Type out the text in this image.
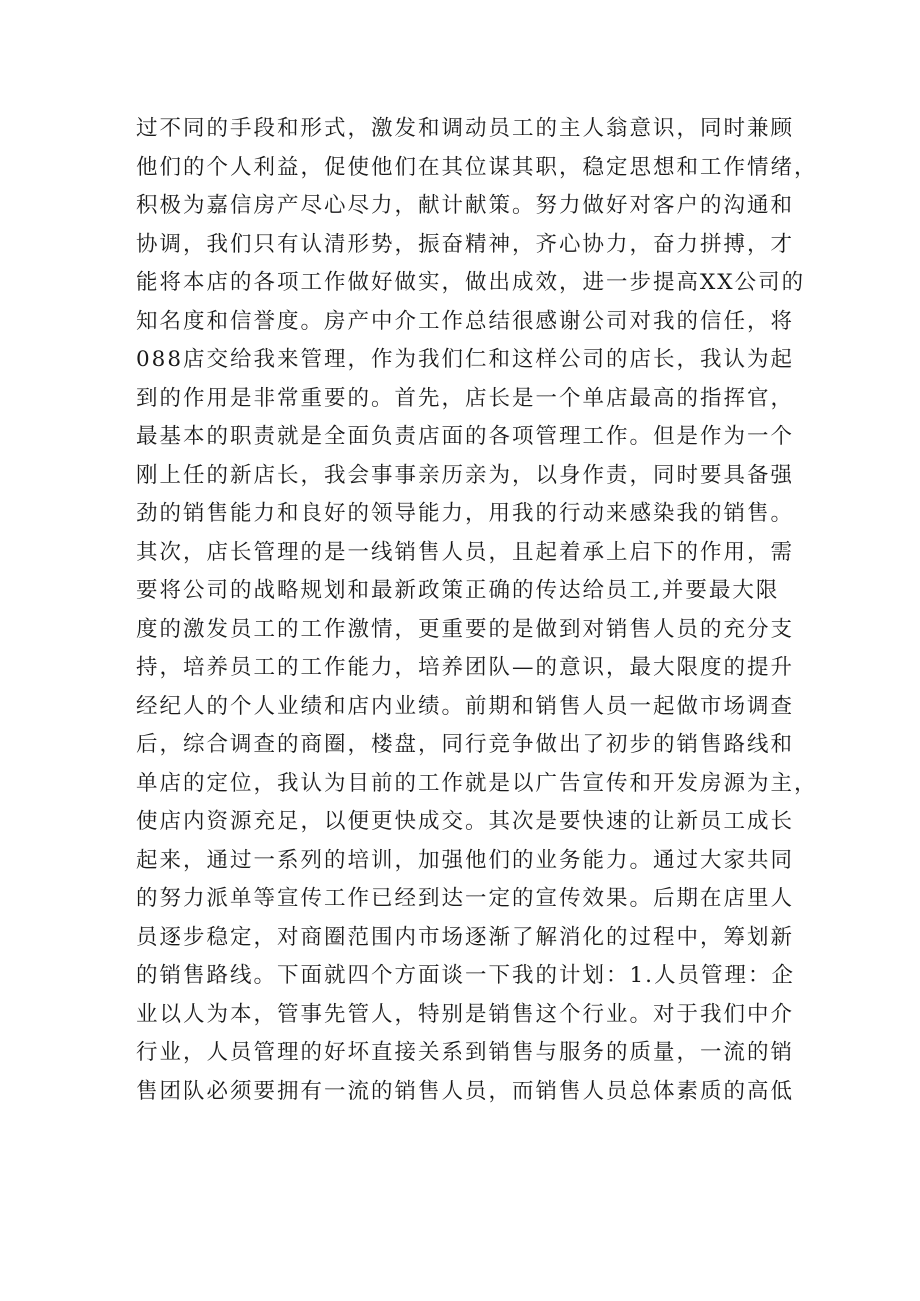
过不同的手段和形式，激发和调动员工的主人翁意识，同时兼顾
他们的个人利益，促使他们在其位谋其职，稳定思想和工作情绪，
积极为嘉信房产尽心尽力，献计献策。努力做好对客户的沟通和
协调，我们只有认清形势，振奋精神，齐心协力，奋力拼搏，才
能将本店的各项工作做好做实，做出成效，进一步提高XX公司的
知名度和信誉度。房产中介工作总结很感谢公司对我的信任，将
088店交给我来管理，作为我们仁和这样公司的店长，我认为起
到的作用是非常重要的。首先，店长是一个单店最高的指挥官，
最基本的职责就是全面负责店面的各项管理工作。但是作为一个
刚上任的新店长，我会事事亲历亲为，以身作责，同时要具备强
劲的销售能力和良好的领导能力，用我的行动来感染我的销售。
其次，店长管理的是一线销售人员，且起着承上启下的作用，需
要将公司的战略规划和最新政策正确的传达给员工,并要最大限
度的激发员工的工作激情，更重要的是做到对销售人员的充分支
持，培养员工的工作能力，培养团队—的意识，最大限度的提升
经纪人的个人业绩和店内业绩。前期和销售人员一起做市场调查
后，综合调查的商圈，楼盘，同行竞争做出了初步的销售路线和
单店的定位，我认为目前的工作就是以广告宣传和开发房源为主，
使店内资源充足，以便更快成交。其次是要快速的让新员工成长
起来，通过一系列的培训，加强他们的业务能力。通过大家共同
的努力派单等宣传工作已经到达一定的宣传效果。后期在店里人
员逐步稳定，对商圈范围内市场逐渐了解消化的过程中，筹划新
的销售路线。下面就四个方面谈一下我的计划：1.人员管理：企
业以人为本，管事先管人，特别是销售这个行业。对于我们中介
行业，人员管理的好坏直接关系到销售与服务的质量，一流的销
售团队必须要拥有一流的销售人员，而销售人员总体素质的高低
